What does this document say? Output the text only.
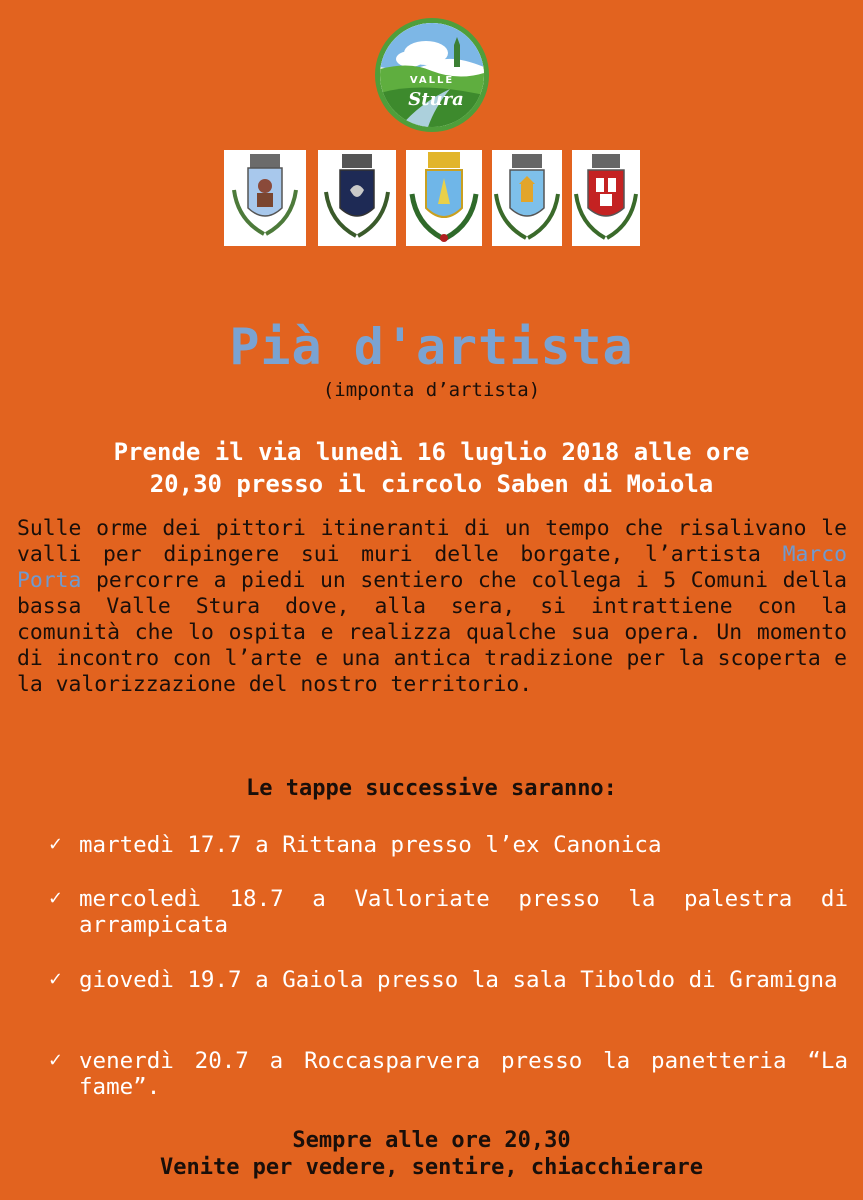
VALLE
Stura
Pià d'artista
(imponta d’artista)
Prende il via lunedì 16 luglio 2018 alle ore
20,30 presso il circolo Saben di Moiola
Sulle orme dei pittori itineranti di un tempo che risalivano le valli per dipingere sui muri delle borgate, l’artista Marco Porta percorre a piedi un sentiero che collega i 5 Comuni della bassa Valle Stura dove, alla sera, si intrattiene con la comunità che lo ospita e realizza qualche sua opera. Un momento di incontro con l’arte e una antica tradizione per la scoperta e la valorizzazione del nostro territorio.
Le tappe successive saranno:
✓ martedì 17.7 a Rittana presso l’ex Canonica
✓ mercoledì 18.7 a Valloriate presso la palestra di arrampicata
✓ giovedì 19.7 a Gaiola presso la sala Tiboldo di Gramigna
✓ venerdì 20.7 a Roccasparvera presso la panetteria “La fame”.
Sempre alle ore 20,30
Venite per vedere, sentire, chiacchierare
